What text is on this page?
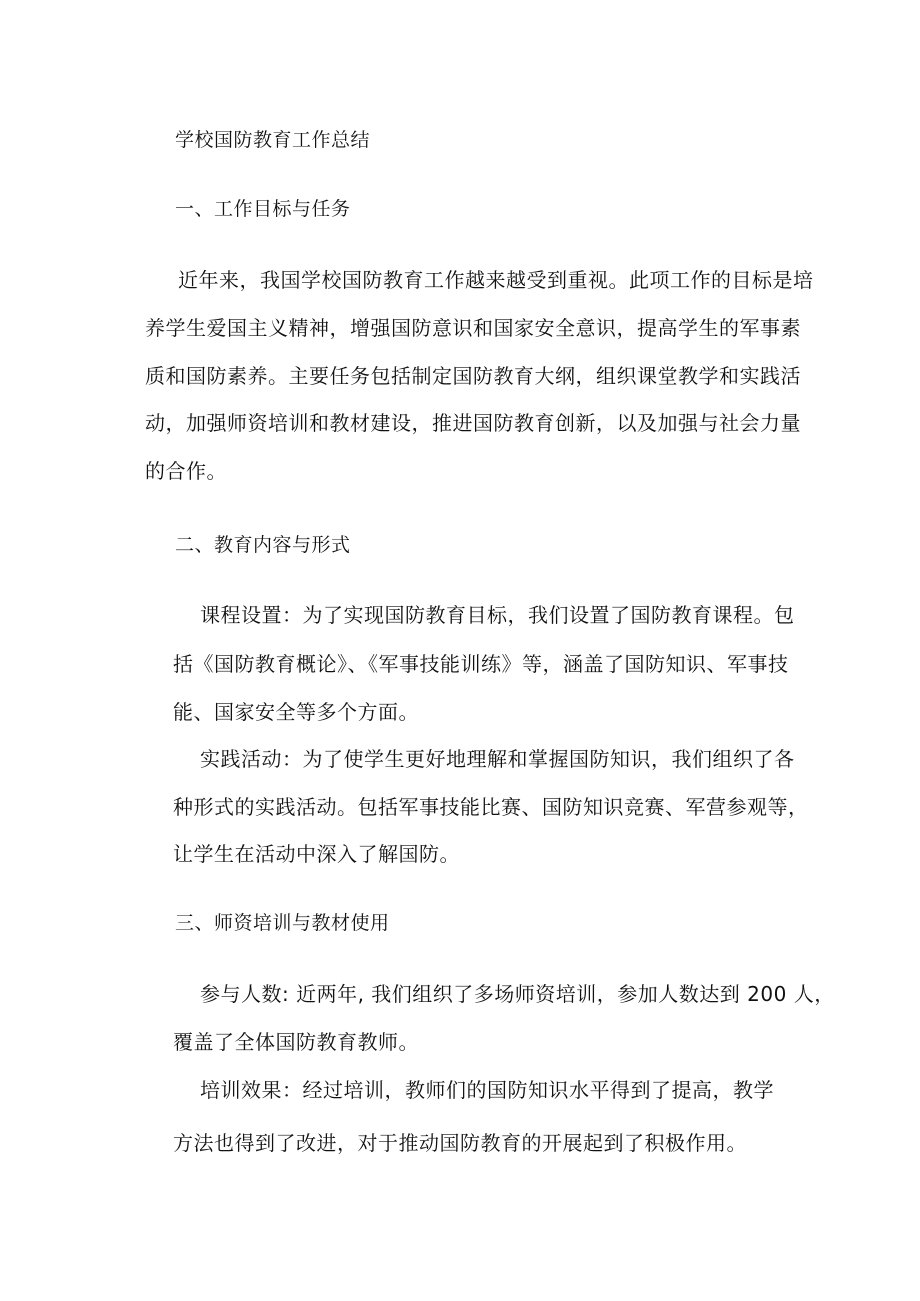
学校国防教育工作总结
一、工作目标与任务
近年来，我国学校国防教育工作越来越受到重视。此项工作的目标是培
养学生爱国主义精神，增强国防意识和国家安全意识，提高学生的军事素
质和国防素养。主要任务包括制定国防教育大纲，组织课堂教学和实践活
动，加强师资培训和教材建设，推进国防教育创新，以及加强与社会力量
的合作。
二、教育内容与形式
课程设置：为了实现国防教育目标，我们设置了国防教育课程。包
括《国防教育概论》、《军事技能训练》等，涵盖了国防知识、军事技
能、国家安全等多个方面。
实践活动：为了使学生更好地理解和掌握国防知识，我们组织了各
种形式的实践活动。包括军事技能比赛、国防知识竞赛、军营参观等，
让学生在活动中深入了解国防。
三、师资培训与教材使用
参与人数: 近两年, 我们组织了多场师资培训，参加人数达到 200 人，
覆盖了全体国防教育教师。
培训效果：经过培训，教师们的国防知识水平得到了提高，教学
方法也得到了改进，对于推动国防教育的开展起到了积极作用。
